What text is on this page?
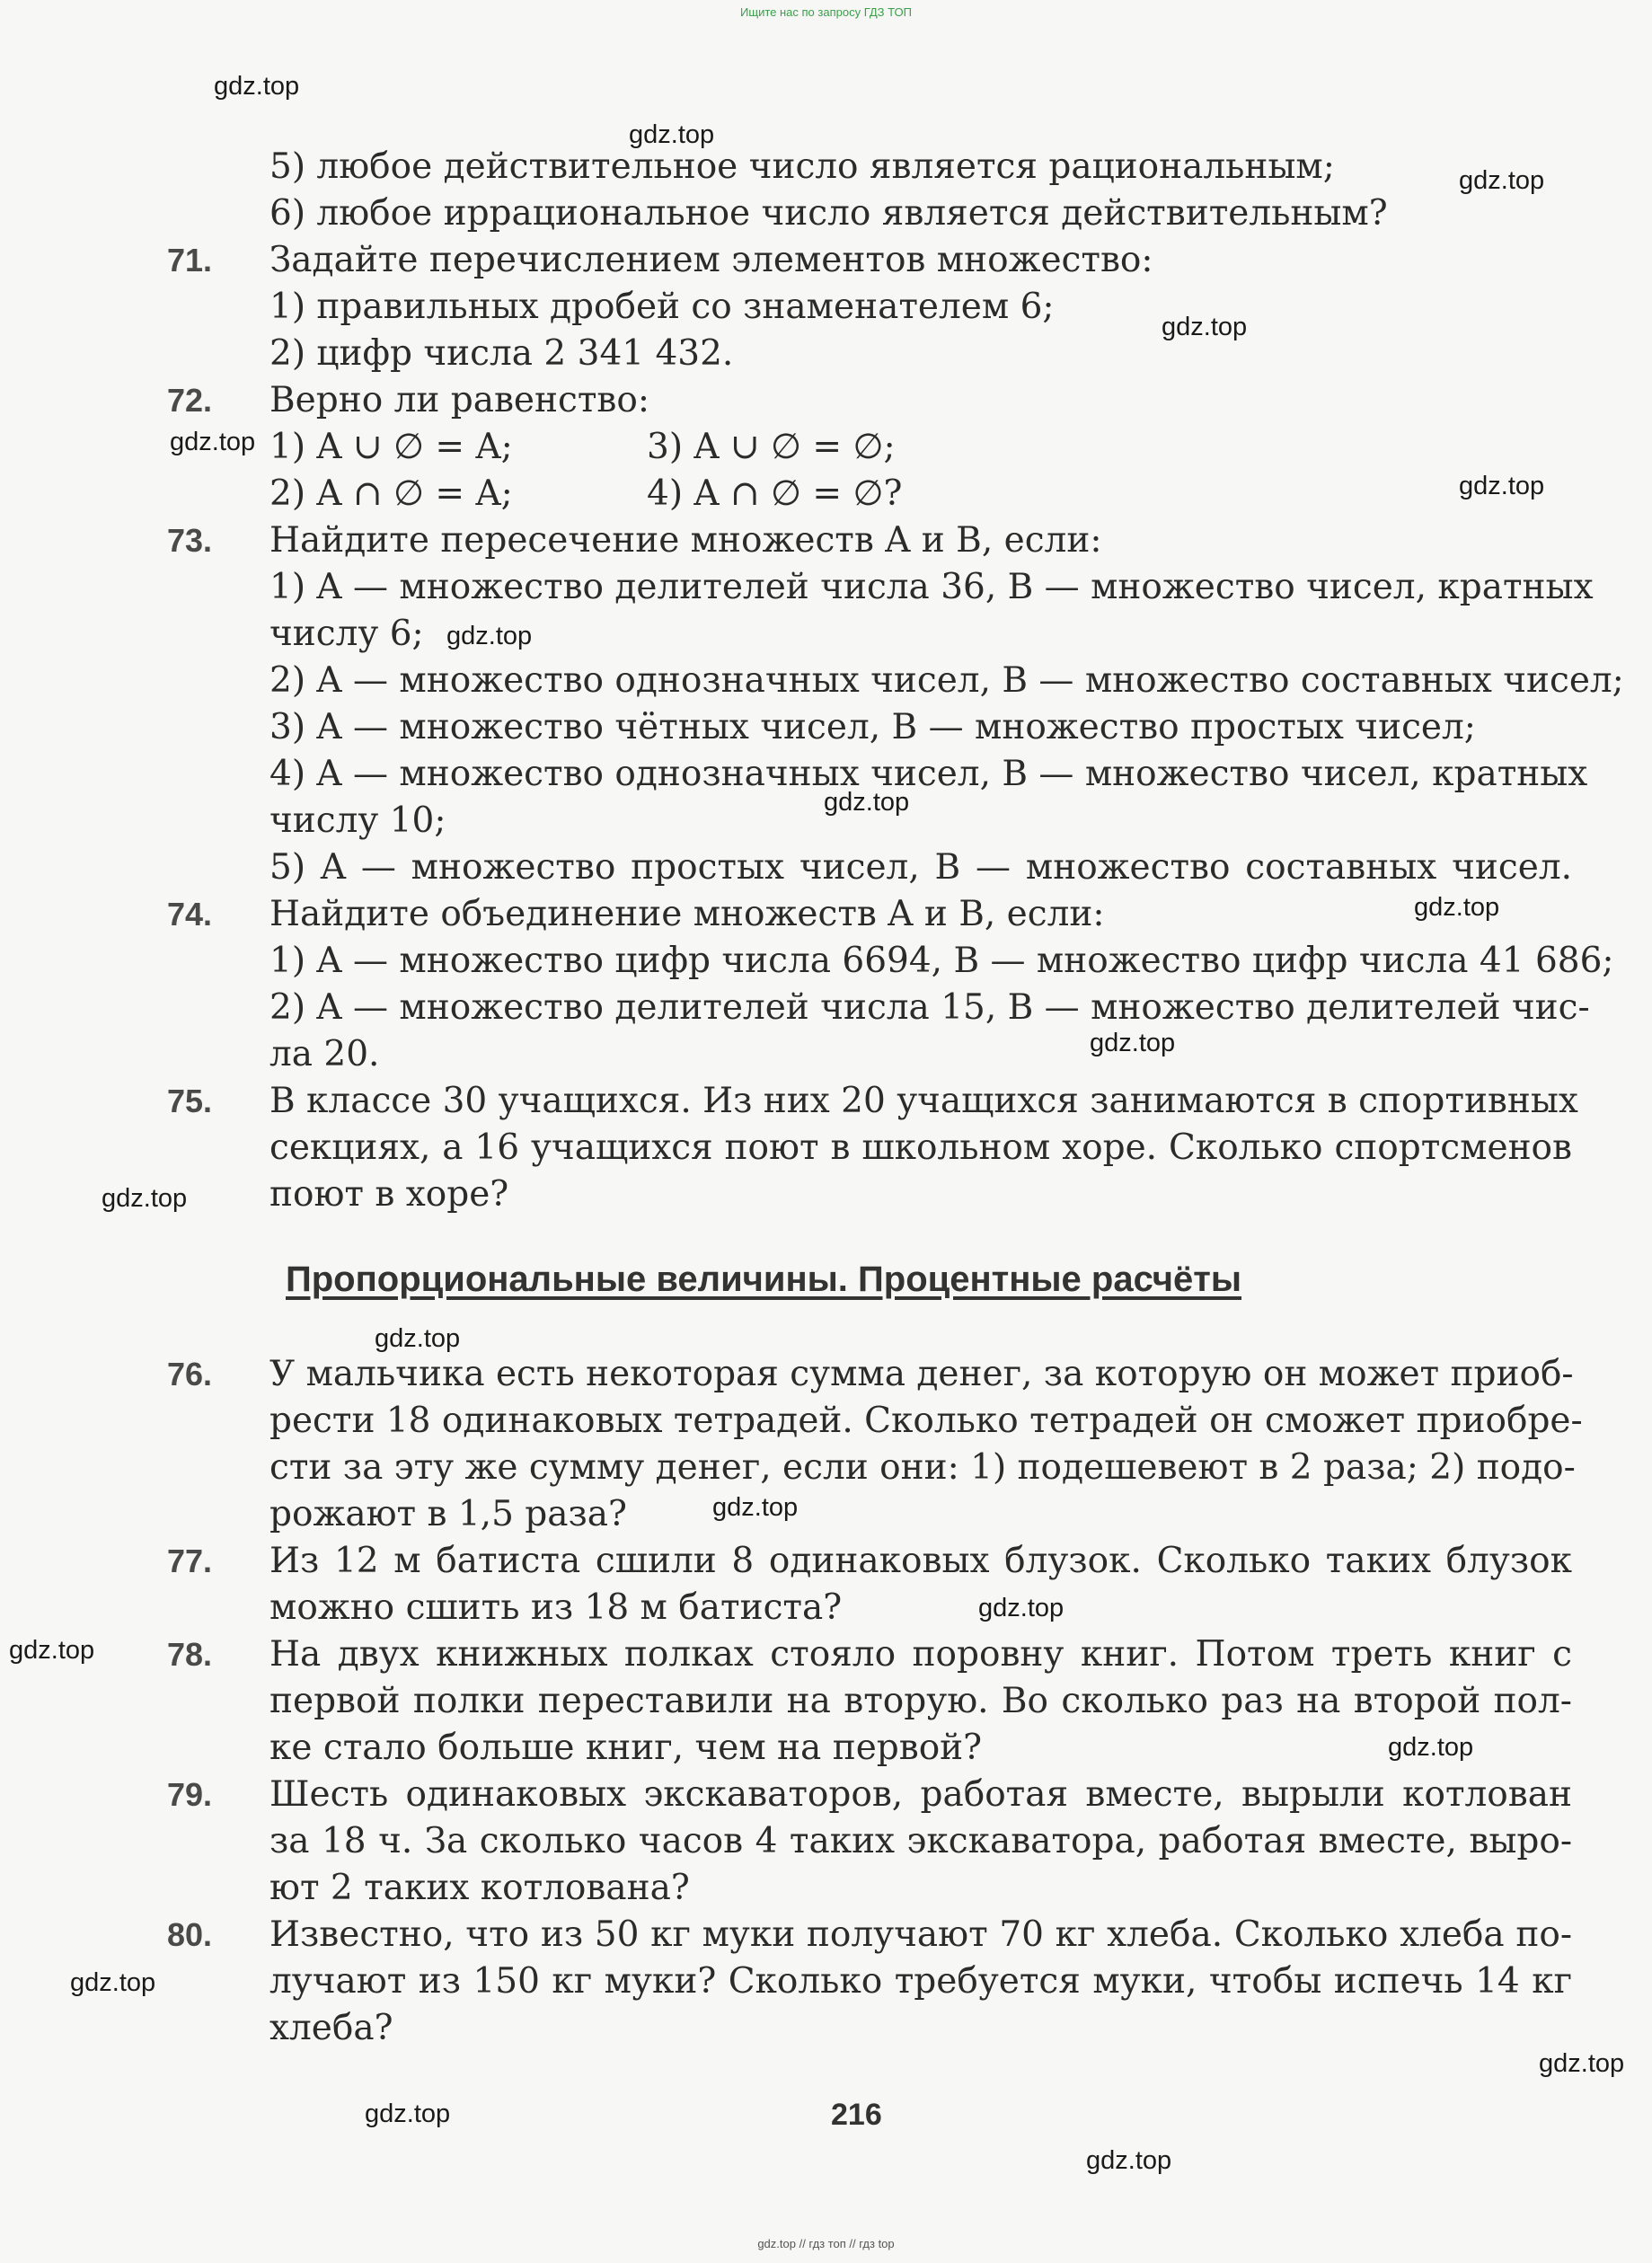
Ищите нас по запросу ГДЗ ТОП
gdz.top
gdz.top
gdz.top
gdz.top
gdz.top
gdz.top
gdz.top
gdz.top
gdz.top
gdz.top
gdz.top
gdz.top
gdz.top
gdz.top
gdz.top
gdz.top
gdz.top
gdz.top
gdz.top
gdz.top
5) любое действительное число является рациональным;
6) любое иррациональное число является действительным?
71. Задайте перечислением элементов множество:
1) правильных дробей со знаменателем 6;
2) цифр числа 2 341 432.
72. Верно ли равенство:
1) A ∪ ∅ = A;	3) A ∪ ∅ = ∅;
2) A ∩ ∅ = A;	4) A ∩ ∅ = ∅?
73. Найдите пересечение множеств A и B, если:
1) A — множество делителей числа 36, B — множество чисел, кратных
числу 6;
2) A — множество однозначных чисел, B — множество составных чисел;
3) A — множество чётных чисел, B — множество простых чисел;
4) A — множество однозначных чисел, B — множество чисел, кратных
числу 10;
5) A — множество простых чисел, B — множество составных чисел.
74. Найдите объединение множеств A и B, если:
1) A — множество цифр числа 6694, B — множество цифр числа 41 686;
2) A — множество делителей числа 15, B — множество делителей чис-
ла 20.
75. В классе 30 учащихся. Из них 20 учащихся занимаются в спортивных
секциях, а 16 учащихся поют в школьном хоре. Сколько спортсменов
поют в хоре?
Пропорциональные величины. Процентные расчёты
76. У мальчика есть некоторая сумма денег, за которую он может приоб-
рести 18 одинаковых тетрадей. Сколько тетрадей он сможет приобре-
сти за эту же сумму денег, если они: 1) подешевеют в 2 раза; 2) подо-
рожают в 1,5 раза?
77. Из 12 м батиста сшили 8 одинаковых блузок. Сколько таких блузок
можно сшить из 18 м батиста?
78. На двух книжных полках стояло поровну книг. Потом треть книг с
первой полки переставили на вторую. Во сколько раз на второй пол-
ке стало больше книг, чем на первой?
79. Шесть одинаковых экскаваторов, работая вместе, вырыли котлован
за 18 ч. За сколько часов 4 таких экскаватора, работая вместе, выро-
ют 2 таких котлована?
80. Известно, что из 50 кг муки получают 70 кг хлеба. Сколько хлеба по-
лучают из 150 кг муки? Сколько требуется муки, чтобы испечь 14 кг
хлеба?
216
gdz.top // гдз топ // гдз top
